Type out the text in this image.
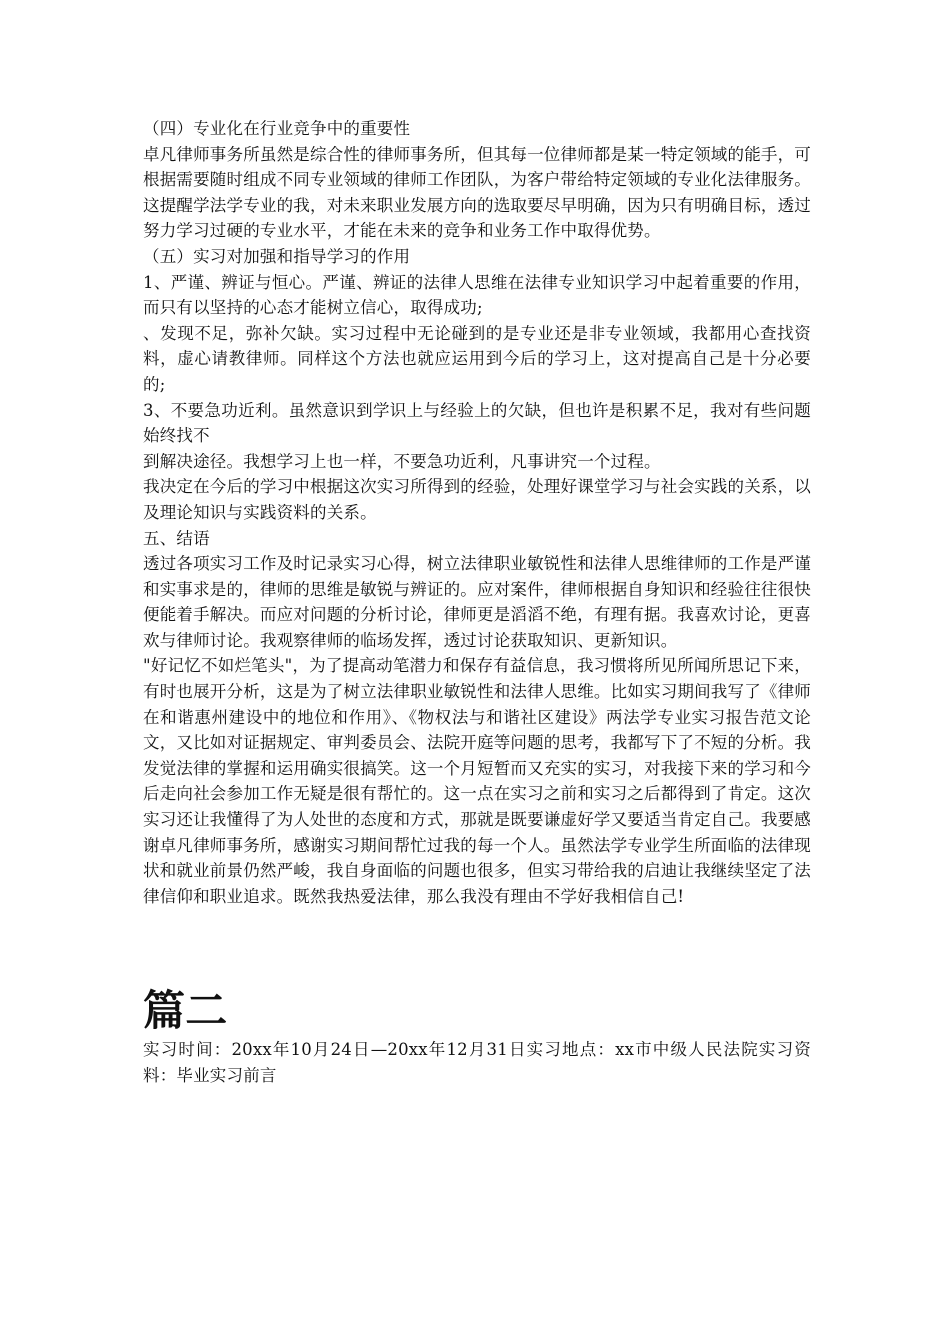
（四）专业化在行业竞争中的重要性

卓凡律师事务所虽然是综合性的律师事务所，但其每一位律师都是某一特定领域的能手，可根据需要随时组成不同专业领域的律师工作团队，为客户带给特定领域的专业化法律服务。这提醒学法学专业的我，对未来职业发展方向的选取要尽早明确，因为只有明确目标，透过努力学习过硬的专业水平，才能在未来的竞争和业务工作中取得优势。

（五）实习对加强和指导学习的作用

1、严谨、辨证与恒心。严谨、辨证的法律人思维在法律专业知识学习中起着重要的作用，而只有以坚持的心态才能树立信心，取得成功;

、发现不足，弥补欠缺。实习过程中无论碰到的是专业还是非专业领域，我都用心查找资料，虚心请教律师。同样这个方法也就应运用到今后的学习上，这对提高自己是十分必要的;

3、不要急功近利。虽然意识到学识上与经验上的欠缺，但也许是积累不足，我对有些问题始终找不

到解决途径。我想学习上也一样，不要急功近利，凡事讲究一个过程。

我决定在今后的学习中根据这次实习所得到的经验，处理好课堂学习与社会实践的关系，以及理论知识与实践资料的关系。

五、结语

透过各项实习工作及时记录实习心得，树立法律职业敏锐性和法律人思维律师的工作是严谨和实事求是的，律师的思维是敏锐与辨证的。应对案件，律师根据自身知识和经验往往很快便能着手解决。而应对问题的分析讨论，律师更是滔滔不绝，有理有据。我喜欢讨论，更喜欢与律师讨论。我观察律师的临场发挥，透过讨论获取知识、更新知识。

"好记忆不如烂笔头"，为了提高动笔潜力和保存有益信息，我习惯将所见所闻所思记下来，有时也展开分析，这是为了树立法律职业敏锐性和法律人思维。比如实习期间我写了《律师在和谐惠州建设中的地位和作用》、《物权法与和谐社区建设》两法学专业实习报告范文论文，又比如对证据规定、审判委员会、法院开庭等问题的思考，我都写下了不短的分析。我发觉法律的掌握和运用确实很搞笑。这一个月短暂而又充实的实习，对我接下来的学习和今后走向社会参加工作无疑是很有帮忙的。这一点在实习之前和实习之后都得到了肯定。这次实习还让我懂得了为人处世的态度和方式，那就是既要谦虚好学又要适当肯定自己。我要感谢卓凡律师事务所，感谢实习期间帮忙过我的每一个人。虽然法学专业学生所面临的法律现状和就业前景仍然严峻，我自身面临的问题也很多，但实习带给我的启迪让我继续坚定了法律信仰和职业追求。既然我热爱法律，那么我没有理由不学好我相信自己!

篇二

实习时间：20xx年10月24日—20xx年12月31日实习地点：xx市中级人民法院实习资料：毕业实习前言
